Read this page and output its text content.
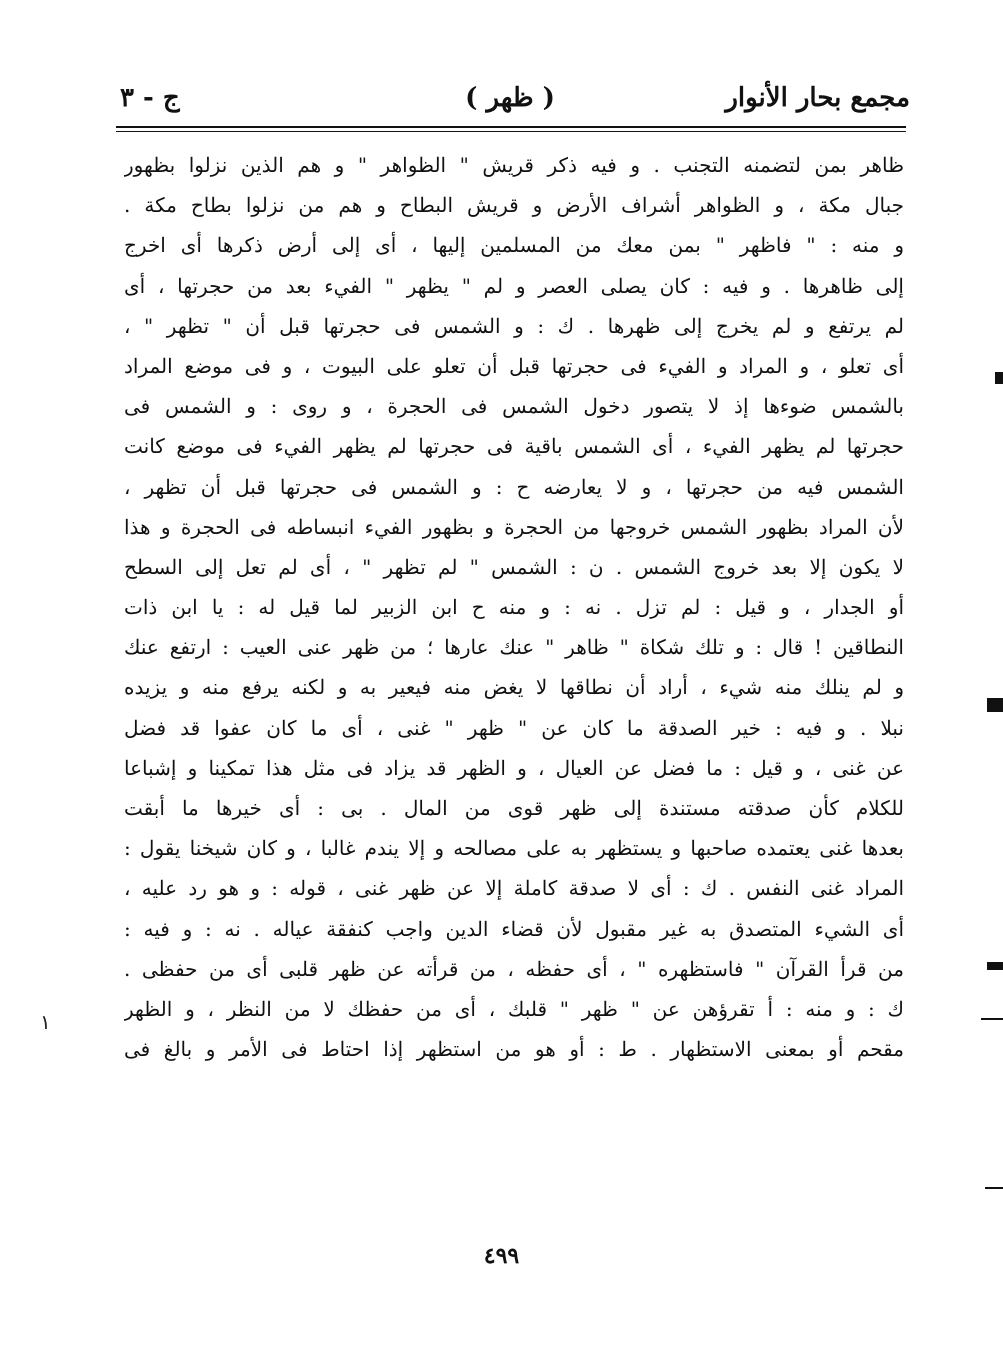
مجمع بحار الأنوار
( ظهر )
ج - ٣
ظاهر بمن لتضمنه التجنب . و فيه ذكر قريش " الظواهر " و هم الذين نزلوا بظهور
جبال مكة ، و الظواهر أشراف الأرض و قريش البطاح و هم من نزلوا بطاح مكة .
و منه : " فاظهر " بمن معك من المسلمين إليها ، أى إلى أرض ذكرها أى اخرج
إلى ظاهرها . و فيه : كان يصلى العصر و لم " يظهر " الفيء بعد من حجرتها ، أى
لم يرتفع و لم يخرج إلى ظهرها . ك : و الشمس فى حجرتها قبل أن " تظهر " ،
أى تعلو ، و المراد و الفيء فى حجرتها قبل أن تعلو على البيوت ، و فى موضع المراد
بالشمس ضوءها إذ لا يتصور دخول الشمس فى الحجرة ، و روى : و الشمس فى
حجرتها لم يظهر الفيء ، أى الشمس باقية فى حجرتها لم يظهر الفيء فى موضع كانت
الشمس فيه من حجرتها ، و لا يعارضه ح : و الشمس فى حجرتها قبل أن تظهر ،
لأن المراد بظهور الشمس خروجها من الحجرة و بظهور الفيء انبساطه فى الحجرة و هذا
لا يكون إلا بعد خروج الشمس . ن : الشمس " لم تظهر " ، أى لم تعل إلى السطح
أو الجدار ، و قيل : لم تزل . نه : و منه ح ابن الزبير لما قيل له : يا ابن ذات
النطاقين ! قال : و تلك شكاة " ظاهر " عنك عارها ؛ من ظهر عنى العيب : ارتفع عنك
و لم ينلك منه شيء ، أراد أن نطاقها لا يغض منه فيعير به و لكنه يرفع منه و يزيده
نبلا . و فيه : خير الصدقة ما كان عن " ظهر " غنى ، أى ما كان عفوا قد فضل
عن غنى ، و قيل : ما فضل عن العيال ، و الظهر قد يزاد فى مثل هذا تمكينا و إشباعا
للكلام كأن صدقته مستندة إلى ظهر قوى من المال . بى : أى خيرها ما أبقت
بعدها غنى يعتمده صاحبها و يستظهر به على مصالحه و إلا يندم غالبا ، و كان شيخنا يقول :
المراد غنى النفس . ك : أى لا صدقة كاملة إلا عن ظهر غنى ، قوله : و هو رد عليه ،
أى الشيء المتصدق به غير مقبول لأن قضاء الدين واجب كنفقة عياله . نه : و فيه :
من قرأ القرآن " فاستظهره " ، أى حفظه ، من قرأته عن ظهر قلبى أى من حفظى .
ك : و منه : أ تقرؤهن عن " ظهر " قلبك ، أى من حفظك لا من النظر ، و الظهر
مقحم أو بمعنى الاستظهار . ط : أو هو من استظهر إذا احتاط فى الأمر و بالغ فى
٤٩٩
١
